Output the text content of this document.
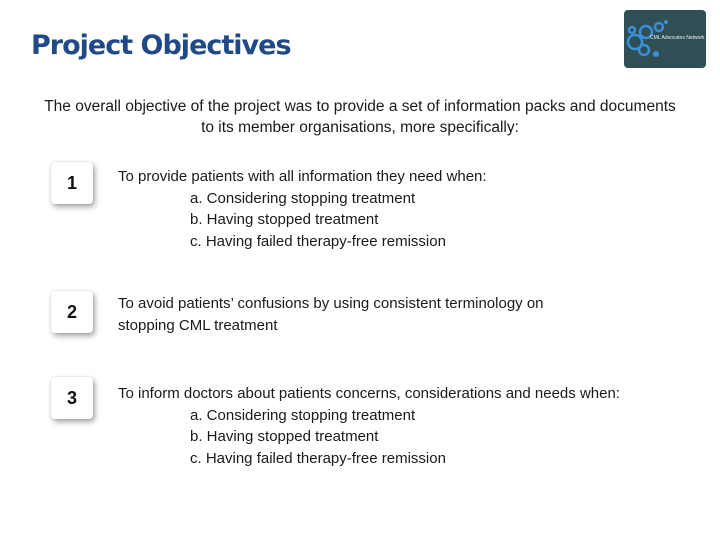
Project Objectives	CML Advocates Network
The overall objective of the project was to provide a set of information packs and documents to its member organisations, more specifically:
1	To provide patients with all information they need when:
a. Considering stopping treatment
b. Having stopped treatment
c. Having failed therapy-free remission
2	To avoid patients’ confusions by using consistent terminology on
stopping CML treatment
3	To inform doctors about patients concerns, considerations and needs when:
a. Considering stopping treatment
b. Having stopped treatment
c. Having failed therapy-free remission
